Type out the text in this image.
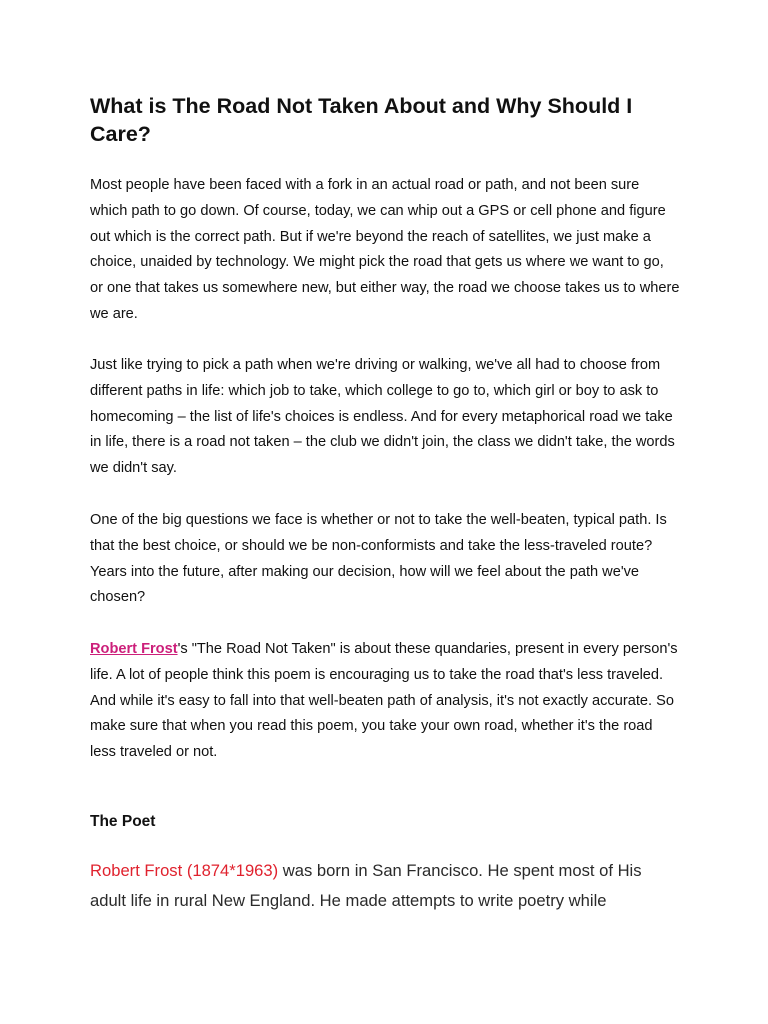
What is The Road Not Taken About and Why Should I Care?

Most people have been faced with a fork in an actual road or path, and not been sure which path to go down. Of course, today, we can whip out a GPS or cell phone and figure out which is the correct path. But if we're beyond the reach of satellites, we just make a choice, unaided by technology. We might pick the road that gets us where we want to go, or one that takes us somewhere new, but either way, the road we choose takes us to where we are.

Just like trying to pick a path when we're driving or walking, we've all had to choose from different paths in life: which job to take, which college to go to, which girl or boy to ask to homecoming – the list of life's choices is endless. And for every metaphorical road we take in life, there is a road not taken – the club we didn't join, the class we didn't take, the words we didn't say.

One of the big questions we face is whether or not to take the well-beaten, typical path. Is that the best choice, or should we be non-conformists and take the less-traveled route? Years into the future, after making our decision, how will we feel about the path we've chosen?

Robert Frost's "The Road Not Taken" is about these quandaries, present in every person's life. A lot of people think this poem is encouraging us to take the road that's less traveled. And while it's easy to fall into that well-beaten path of analysis, it's not exactly accurate. So make sure that when you read this poem, you take your own road, whether it's the road less traveled or not.

The Poet

Robert Frost (1874*1963) was born in San Francisco. He spent most of His adult life in rural New England. He made attempts to write poetry while
